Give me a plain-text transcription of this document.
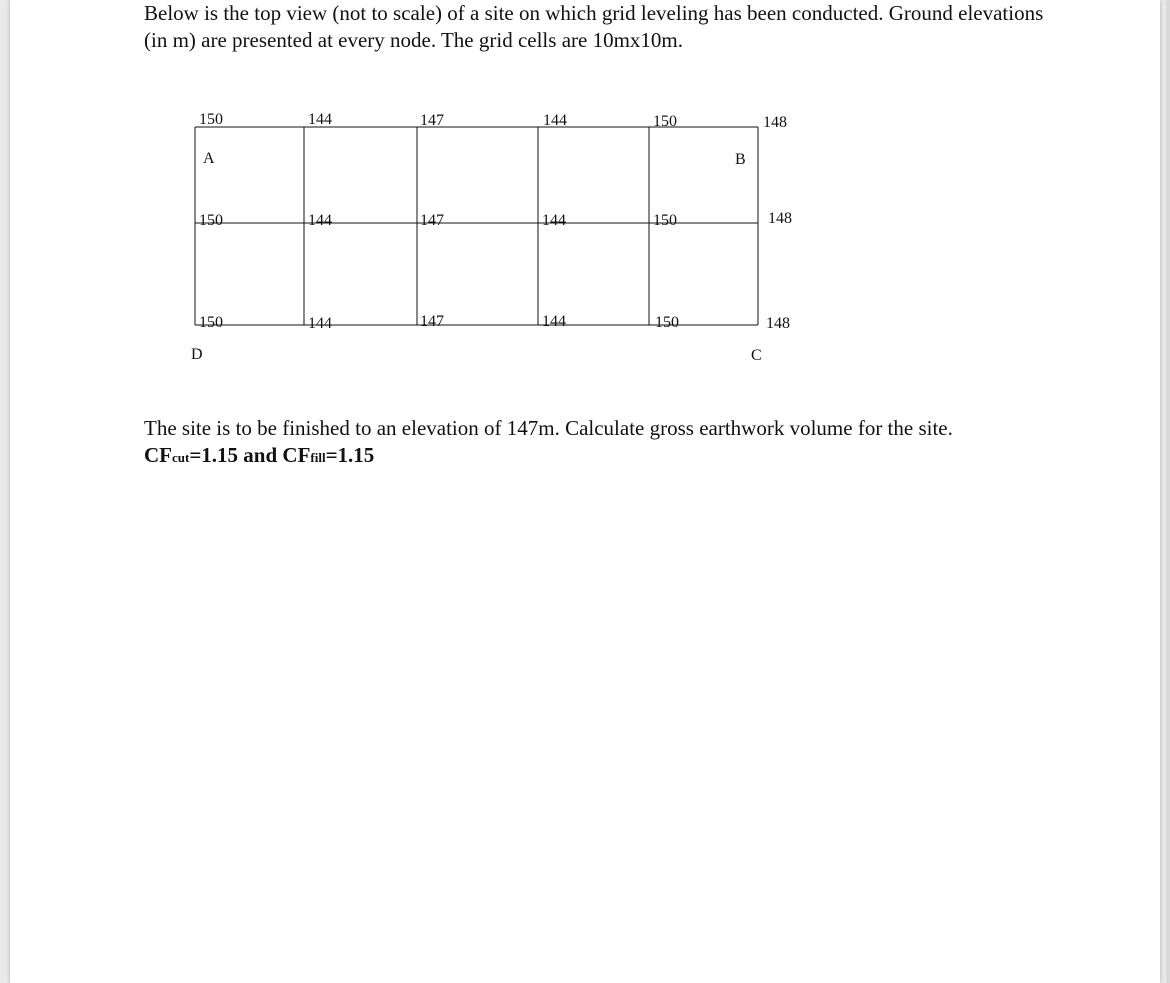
Below is the top view (not to scale) of a site on which grid leveling has been conducted. Ground elevations (in m) are presented at every node. The grid cells are 10mx10m.

150	144	147	144	150	148
150	144	147	144	150	148
150	144	147	144	150	148
A	B
D	C

The site is to be finished to an elevation of 147m. Calculate gross earthwork volume for the site.

CFcut=1.15 and CFfill=1.15
